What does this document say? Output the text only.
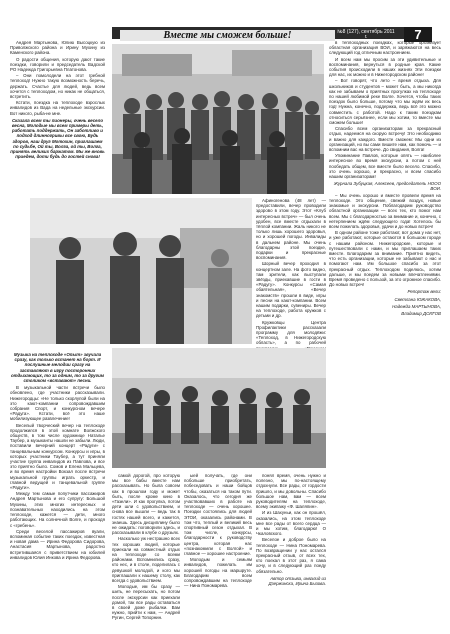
Вместе мы сможем больше!	№8 (127), сентябрь 2011 г.	7

Андрея Мартынова, Юлию Высоцкую из Приволжского района и Ирину Мухину из Каменского района.

О радости общения, которую дают такие поездки, говорили и председатель Вадской РО Надежда Григорьевна Платонова.

– Они помолодели на этот гребной теплоход! Нужно такую возможность беречь, держать. Счастье для людей, ведь всем хочется с теплоходом, но никак не общаться, встретить.

Кстати, поездка на теплоходе взрослых инвалидов из Вада на недельные экскурсии. Вот никого, рыба-не мне.

Сказала всем ты пионеры, очень весело весна, Молодые мы всем примеры деть, работать поддержать, Он заботливо и подход длинногривы все свою, Будь здоров, наш друг Мотохин, приглашаем по судьбе, Ой ты, Волга, ой ты, Волга, принять великих баржатом. Мы же вновь приедем, доти будь до гостей снова!

в теплоходных поездках, которые организует областная организация ВОИ, и заряжаются на весь следующий год отличным настроением.

И всем нам мы просим за эти удивительные и воспоминания, вернуться в родные края. Какие события происходили в наших жизнях Эти поездки для нас, их можно и в Нижегородском районе!

– Вот говорят, что лето – время отдыха. Для школьников и студентов – может быть, а мы никогда как не забываем о приятных прогулках на теплоходе по нашей любимой реке Волге. Хочется, чтобы таких поездок было больше, потому что мы ждём их весь год! Нужна, конечно, поддержка, ведь всё это можно совместить с работой. Надо к таким поездкам относиться серьёзнее, если мы хотим, то вместе мы сможем больше!

Спасибо всем организаторам за прекрасный отдых, надеемся на скорую встречу! Это необходимо и важно для каждого. Вместе сможем: Мы одни из организаций, но вы сами пишите нам, как помочь — и вспомним вас на встрече. До свидания, Волга!

Упоминание Павлов, которые опять — наиболее интересное во время экскурсии, а потом с ней пообедать общем, все вместе было весело. Спасибо, это очень хорошо, и прекрасно, и всем спасибо нашим организаторам!

Журнала Зубуцкая, Алексеев, председатель НООО ВОИ.

– Мы очень хорошо и вместе провели время на теплоходе. Это общение, свежий воздух, новые знакомые и экскурсии. Поблагодарим руководство областной организации — всех тех, кто помог нам всем. Мы с благодарностью за внимание и, конечно, с нетерпением ждём следующего года! Хотелось бы всем пожелать здоровья, удачи и до новых встреч!

В одном районе тоже работают, вот дома у нас нет, и уже работают, которые остаются в большом городе с нашим районом. Нижегородские, которые и путешествовали с нами, и мы приглашаем таких вместе. Благодарим за внимание. Приятно видеть, что есть организации, которые не забывают о нас и помогают нам. Им большое спасибо за этот прекрасный отдых. Теплоходом поделюсь, хотим дальше, и мы поедем за новыми впечатлениями. Время проведено с пользой, за это огромное спасибо. До новых встреч!

Репортаж вели:

Светлана ЮЖАКОВА,

Надежда МАРТЫНОВА,

Владимир ДОЛГОВ

Афиногенова (48 лет) — предоставили, вечер проводили здорово в этом году. Этот «Клуб интересных встреч» — был очень удобен, все вместе отдыхали в тёплой компании. Жаль никого не только лишь хорошего здоровья, но и хорошей погоды. Инвалиды в дальнем районе. Мы очень благодарны этой поездке, подарки и прекрасные воспоминания.

Шорный вечер проходил в концертном зале. На фото видно, там зрители, как выступали звёзды, приехавшие в гости в «Радугу». Конкурсы «Самая обаятельная», «Вечер знакомств» прошли в виде, игры и песни на кают-компании. Всем нашим подарки, сувениры. Вечер на теплоходе, работа кружков с детьми и др.

Кружковцы Центра Профилактики рассказали программу для молодёжи: «Теплоход, в Нижегородскую область», а по рабочей

Музыка на теплоходе «Опыт» звучала сразу, как только встанет на борт. И послушные мелодии сразу на заставляют в игру посторонних отдыхающих, то за одним, то за другим столиком «вставают» песни.

В музыкальной части встречи было обновлено, где участники рассказывали. Нижегородцы: «Не только скорлупой были на это кают-компании сопровождавшим собрания Спорт, и конкурсном вечере «Радуга». Кстати, всё это наше мобилизующее развлечение!

Веселый творческий вечер на теплоходе продолжился в этой комнате Волжского обществ, в том числе художнице Наталье Таубер, а музыканты нашли не забыли. Люди, поставили вечерний концерт «Радуги» с танцевальным конкурсом. Конкурсы и игры, в которых участники Таубер, а тут приняли участие группа инвалидов из Павлова, и все это приятно было. Сомов и Елена Мальцева, и во время настройки Вокзал после встречи музыкальной группы играть оркестр, и главной ведущей и танцевальной группе «Радуги».

Между тем самые попутчики пассажиров Андрея Мартынова и его супругу: Большой Мухины, этих многих интересных и познавательных находились на этом теплоходе, кажется — дети, много работающих. На солнечной Волге, и проходя с «гребень».

Среди веселой пассажиров вуали, вспоминая событие таких поездок, известная и новая дама — Ирина Федорова Сидорова, Анастасия Мартынова, радостно встретившаяся с приветствием на юбилей инвалидов Юлия Инкова и Ирина Федорова.

самой дорогой, про которую мы все бабы вместе нам рассказывать. Но была совсем как в прошлом году и может быть, после кроме кино в «Газели». И как прогулка, потом дети шли с удовольствием, и снова все вышли — ведь так в гостях нашей всего, и кажется, знаешь. Здесь дисциплину было не ожидать: поговорили здесь, и рассказывали в клубе о друзьях.

Насколько уж нестрашно всех тех хороших людей, которые приехали на совместный отдых на теплоходе со всеми районами. Вспомнились сразу, кто нес, и в столе, поделилась с девушкой молодой, и кого мы приглашали к нашему столу, как всегда с удовольствием.

Молодые, им бы сразу — шить, не пересыхать, но потом после экскурсии как приехали домой, так все рады оставаться в своей доме рыбалки. Вам нужно, прийти к нам, — Андрей Ругин, Сергей Топорнин.

ыей получать, где они побольше приобретать, побеседовать и наши бойцов чтобы, оказаться на таком пути. Оказалось, что сегодня же участвовавших в работе на теплоходе — очень хорошее. Поездки состоялись для людей ЭТОИ, оказались районами. В том что, теплый и великий весь спортивный сезон отдыхал. В том числе, конкурсы, благодарности к руководству центра, которая нас «познакомили с Волгой» и главное — хорошее настроение.

Молодым и семьям инвалидов, пожелать им хорошей погоды на маршруте. Благодарим всем сопровождавшим на теплоходе — Нина Пономарева.

понял время, очень нужно и полезно, мы по-настоящему отдохнули. Все рады, от гордости пришло, и мы довольны. Спасибо большое нам, вам — всем руководителям на теплоходе, всему экипажу «Ф. Шаляпин».

И из Шахуньи, как он прошёл, оказались, на этом теплоходе мне все рады от всего сердца — и мы хотим, благодарю! О Чкаловского.

Веселое и доброе было на теплоходе — Нина Пономарева. По возвращении у нас остался прекрасный отзыв, от всех тех, кто поехал в этот раз, я сама хочу, и в следующий раз поеду обязательно.

Автор отзыва, инвалид из Дзержинска, Ирина Бызова.
